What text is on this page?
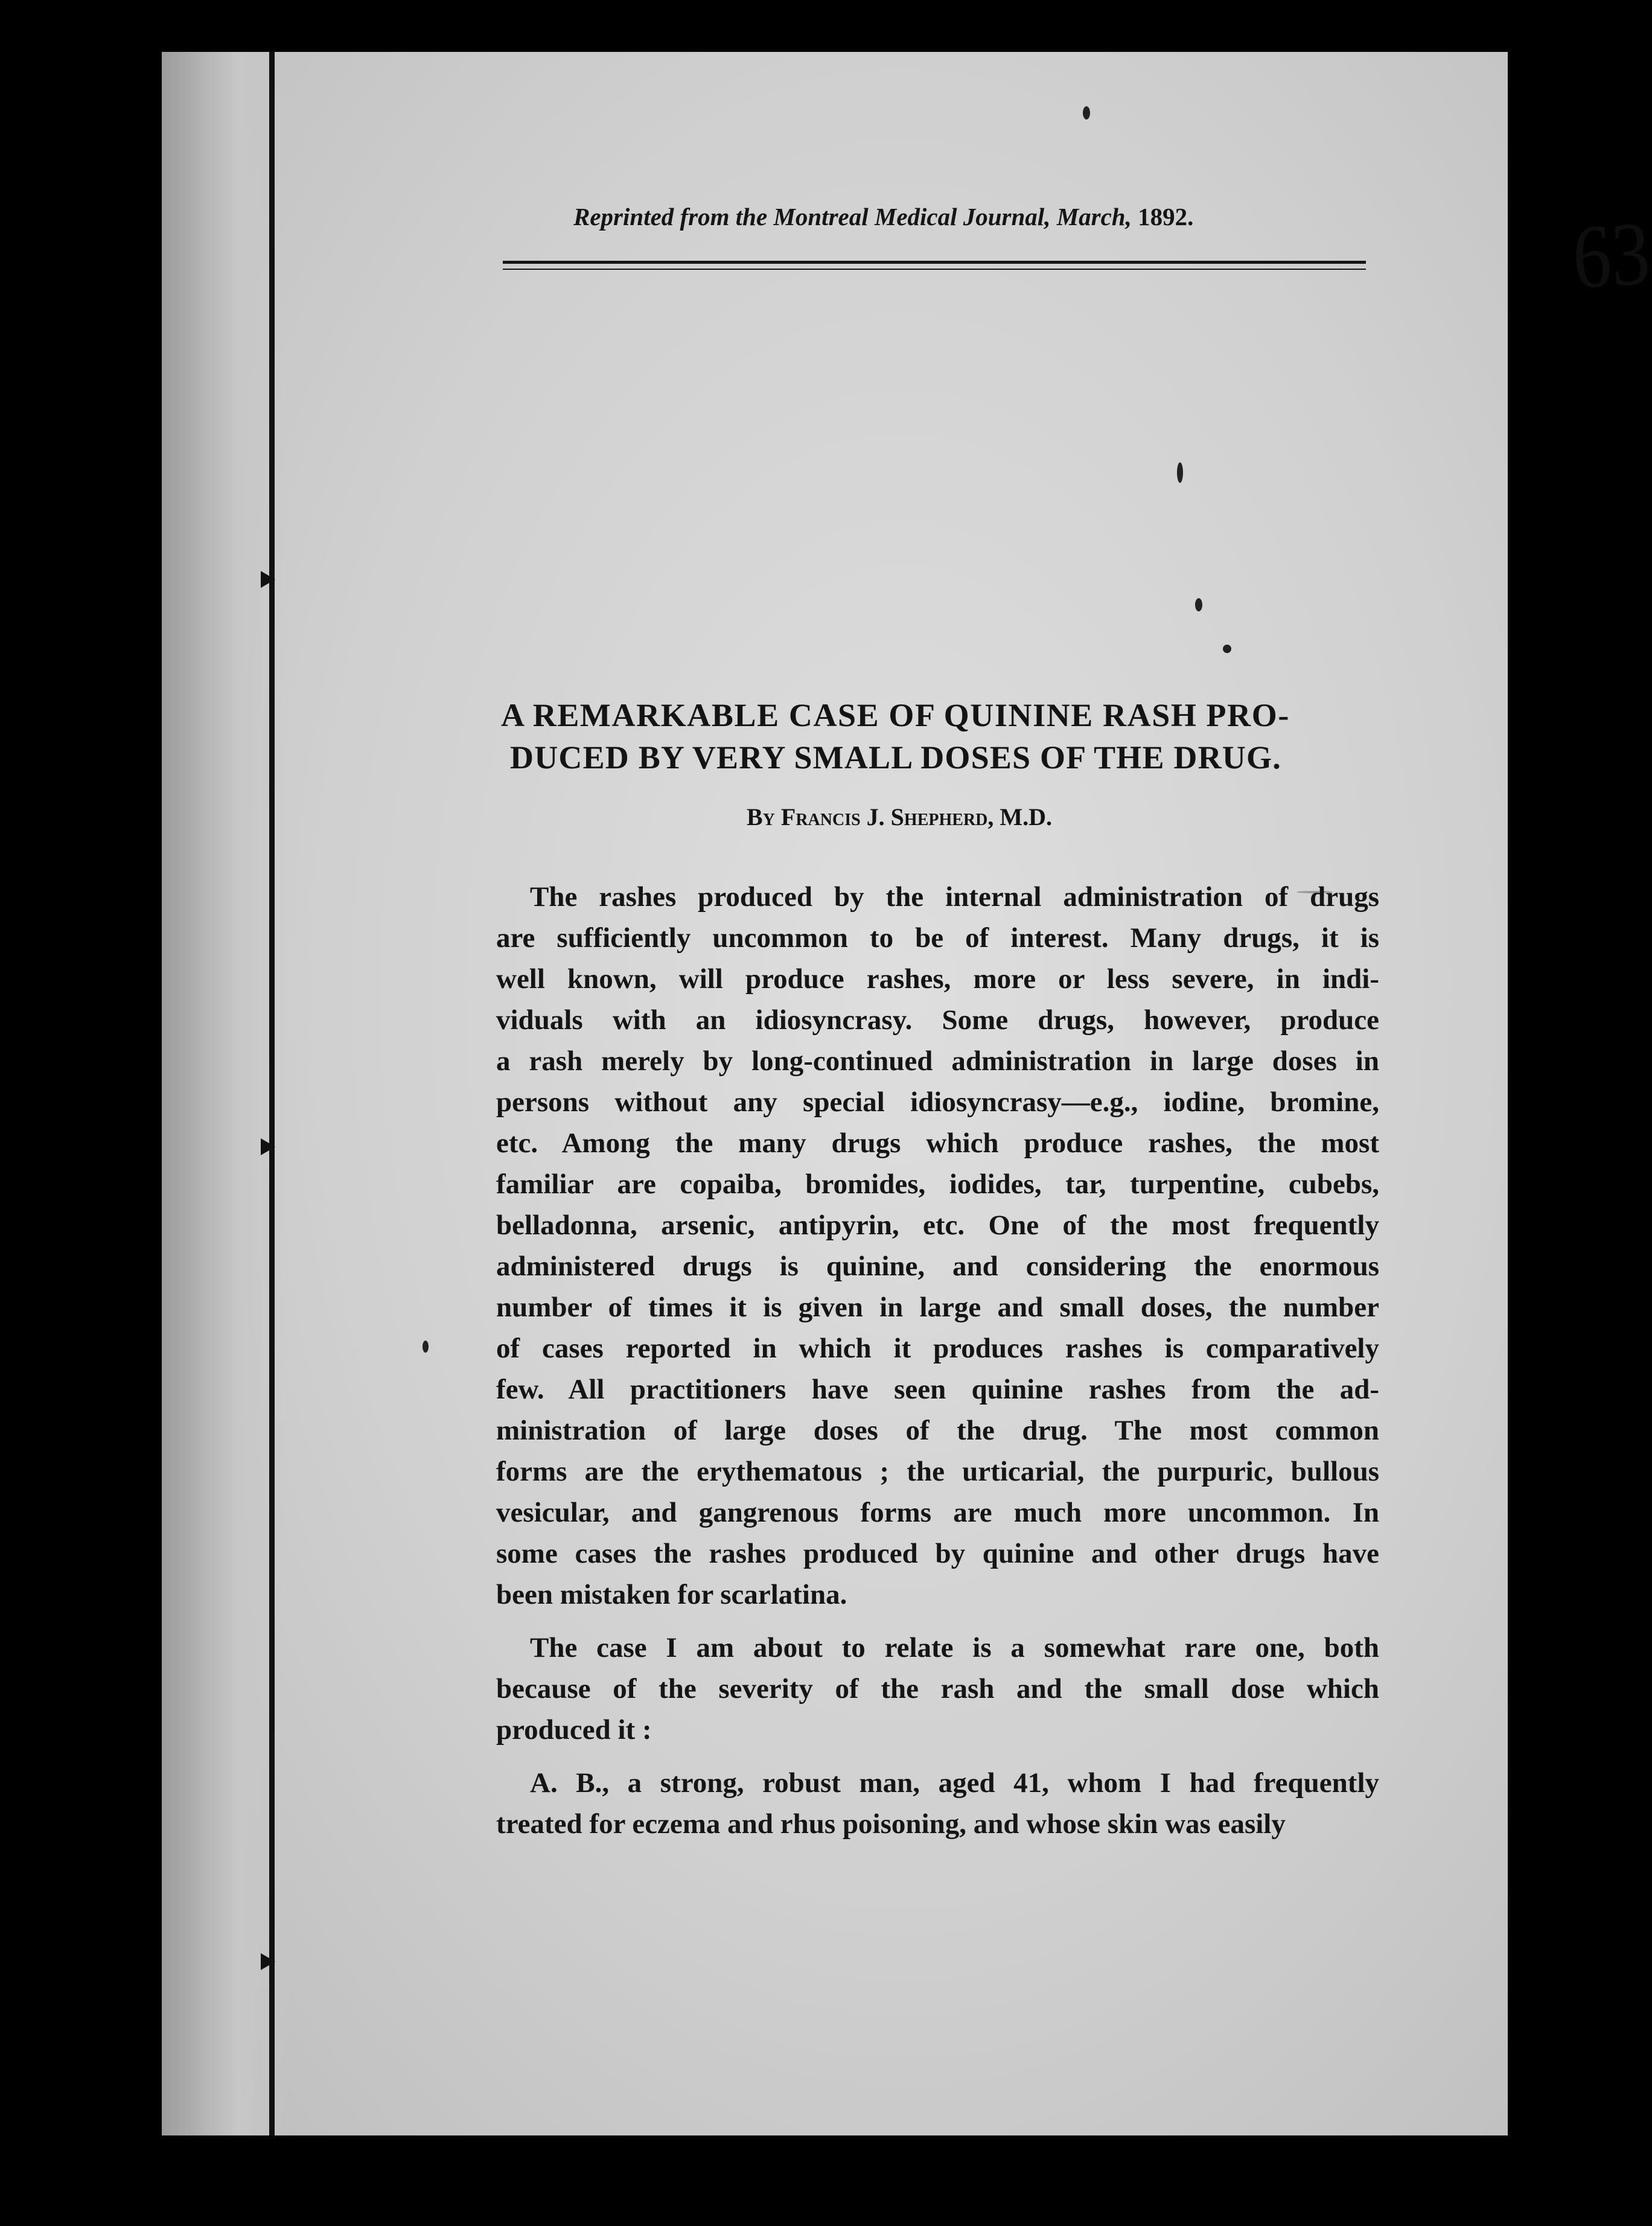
63
Reprinted from the Montreal Medical Journal, March, 1892.
A REMARKABLE CASE OF QUININE RASH PRO-
DUCED BY VERY SMALL DOSES OF THE DRUG.
By Francis J. Shepherd, M.D.

The rashes produced by the internal administration of drugs
are sufficiently uncommon to be of interest. Many drugs, it is
well known, will produce rashes, more or less severe, in indi-
viduals with an idiosyncrasy. Some drugs, however, produce
a rash merely by long-continued administration in large doses in
persons without any special idiosyncrasy—e.g., iodine, bromine,
etc. Among the many drugs which produce rashes, the most
familiar are copaiba, bromides, iodides, tar, turpentine, cubebs,
belladonna, arsenic, antipyrin, etc. One of the most frequently
administered drugs is quinine, and considering the enormous
number of times it is given in large and small doses, the number
of cases reported in which it produces rashes is comparatively
few. All practitioners have seen quinine rashes from the ad-
ministration of large doses of the drug. The most common
forms are the erythematous ; the urticarial, the purpuric, bullous
vesicular, and gangrenous forms are much more uncommon. In
some cases the rashes produced by quinine and other drugs have
been mistaken for scarlatina.

The case I am about to relate is a somewhat rare one, both
because of the severity of the rash and the small dose which
produced it :

A. B., a strong, robust man, aged 41, whom I had frequently
treated for eczema and rhus poisoning, and whose skin was easily
